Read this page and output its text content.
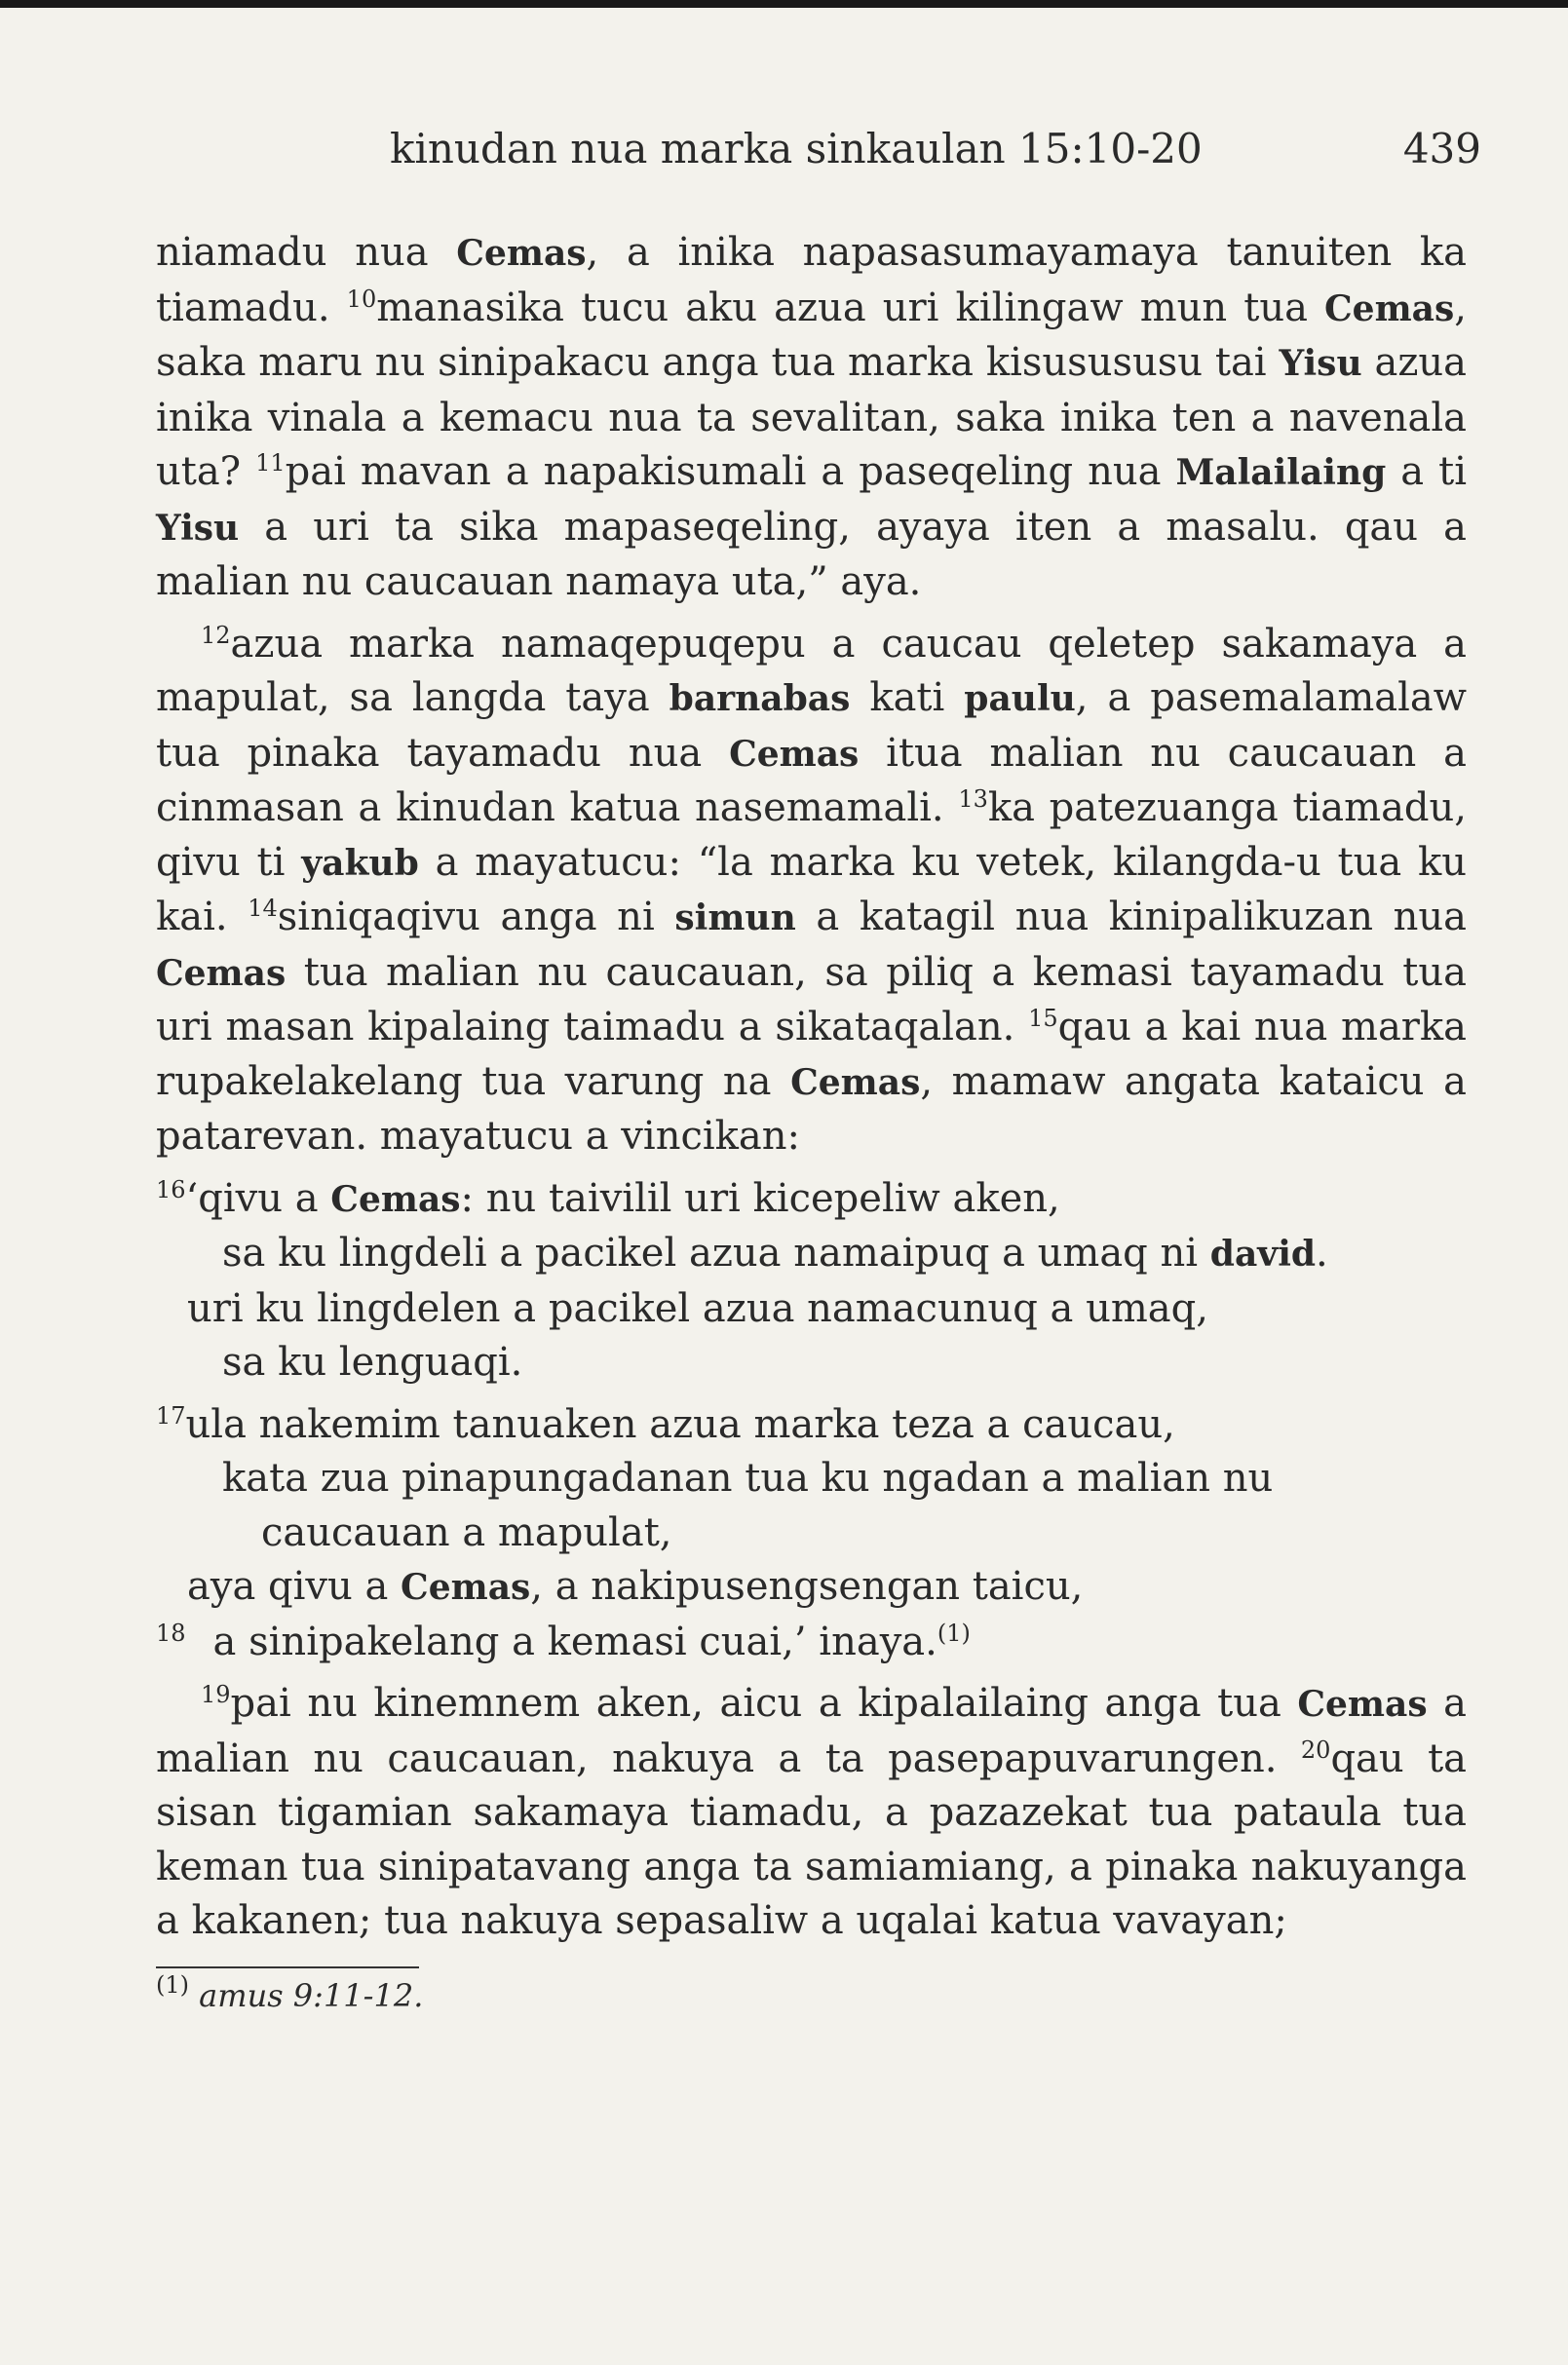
kinudan nua marka sinkaulan 15:10-20	439

niamadu nua Cemas, a inika napasasumayamaya tanuiten ka tiamadu. $^{10}$manasika tucu aku azua uri kilingaw mun tua Cemas, saka maru nu sinipakacu anga tua marka kisusususu tai Yisu azua inika vinala a kemacu nua ta sevalitan, saka inika ten a navenala uta? $^{11}$pai mavan a napakisumali a paseqeling nua Malailaing a ti Yisu a uri ta sika mapaseqeling, ayaya iten a masalu. qau a malian nu caucauan namaya uta,” aya.

$^{12}$azua marka namaqepuqepu a caucau qeletep sakamaya a mapulat, sa langda taya barnabas kati paulu, a pasemalamalaw tua pinaka tayamadu nua Cemas itua malian nu caucauan a cinmasan a kinudan katua nasemamali. $^{13}$ka patezuanga tiamadu, qivu ti yakub a mayatucu: “la marka ku vetek, kilangda-u tua ku kai. $^{14}$siniqaqivu anga ni simun a katagil nua kinipalikuzan nua Cemas tua malian nu caucauan, sa piliq a kemasi tayamadu tua uri masan kipalaing taimadu a sikataqalan. $^{15}$qau a kai nua marka rupakelakelang tua varung na Cemas, mamaw angata kataicu a patarevan. mayatucu a vincikan:

$^{16}$‘qivu a Cemas: nu taivilil uri kicepeliw aken,

sa ku lingdeli a pacikel azua namaipuq a umaq ni david.

uri ku lingdelen a pacikel azua namacunuq a umaq,

sa ku lenguaqi.

$^{17}$ula nakemim tanuaken azua marka teza a caucau,

kata zua pinapungadanan tua ku ngadan a malian nu

caucauan a mapulat,

aya qivu a Cemas, a nakipusengsengan taicu,

$^{18}$ a sinipakelang a kemasi cuai,’ inaya.$^{(1)}$

$^{19}$pai nu kinemnem aken, aicu a kipalailaing anga tua Cemas a malian nu caucauan, nakuya a ta pasepapuvarungen. $^{20}$qau ta sisan tigamian sakamaya tiamadu, a pazazekat tua pataula tua keman tua sinipatavang anga ta samiamiang, a pinaka nakuyanga a kakanen; tua nakuya sepasaliw a uqalai katua vavayan;

$^{(1)}$ amus 9:11-12.
